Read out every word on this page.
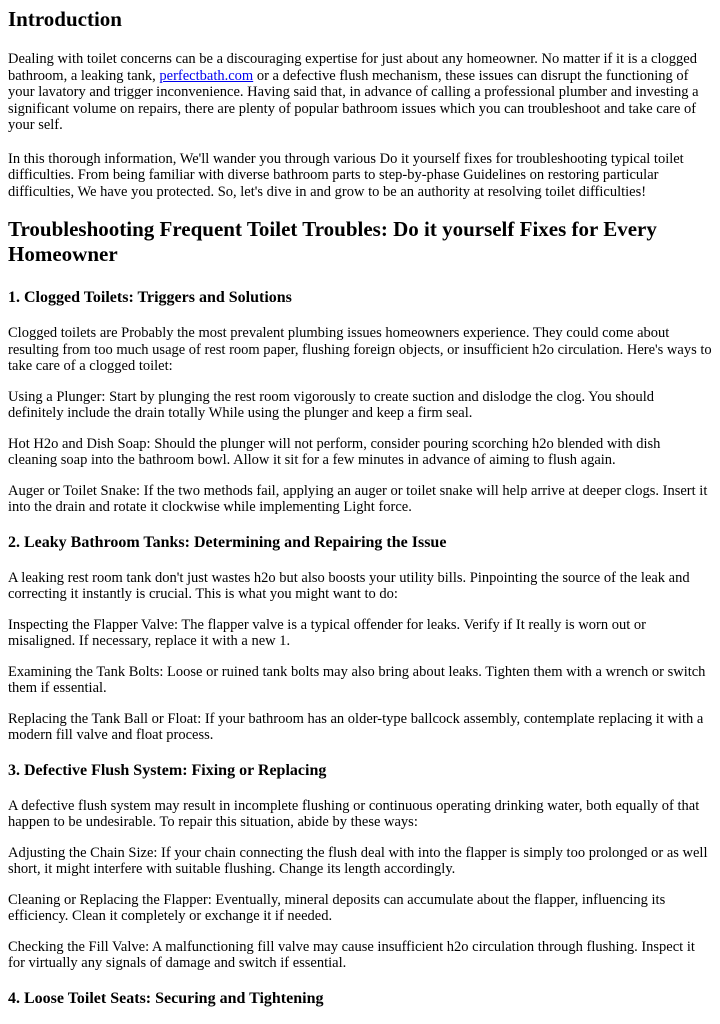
Introduction

Dealing with toilet concerns can be a discouraging expertise for just about any homeowner. No matter if it is a clogged bathroom, a leaking tank, perfectbath.com or a defective flush mechanism, these issues can disrupt the functioning of your lavatory and trigger inconvenience. Having said that, in advance of calling a professional plumber and investing a significant volume on repairs, there are plenty of popular bathroom issues which you can troubleshoot and take care of your self.

In this thorough information, We'll wander you through various Do it yourself fixes for troubleshooting typical toilet difficulties. From being familiar with diverse bathroom parts to step-by-phase Guidelines on restoring particular difficulties, We have you protected. So, let's dive in and grow to be an authority at resolving toilet difficulties!

Troubleshooting Frequent Toilet Troubles: Do it yourself Fixes for Every Homeowner
1. Clogged Toilets: Triggers and Solutions

Clogged toilets are Probably the most prevalent plumbing issues homeowners experience. They could come about resulting from too much usage of rest room paper, flushing foreign objects, or insufficient h2o circulation. Here's ways to take care of a clogged toilet:

Using a Plunger: Start by plunging the rest room vigorously to create suction and dislodge the clog. You should definitely include the drain totally While using the plunger and keep a firm seal.

Hot H2o and Dish Soap: Should the plunger will not perform, consider pouring scorching h2o blended with dish cleaning soap into the bathroom bowl. Allow it sit for a few minutes in advance of aiming to flush again.

Auger or Toilet Snake: If the two methods fail, applying an auger or toilet snake will help arrive at deeper clogs. Insert it into the drain and rotate it clockwise while implementing Light force.

2. Leaky Bathroom Tanks: Determining and Repairing the Issue

A leaking rest room tank don't just wastes h2o but also boosts your utility bills. Pinpointing the source of the leak and correcting it instantly is crucial. This is what you might want to do:

Inspecting the Flapper Valve: The flapper valve is a typical offender for leaks. Verify if It really is worn out or misaligned. If necessary, replace it with a new 1.

Examining the Tank Bolts: Loose or ruined tank bolts may also bring about leaks. Tighten them with a wrench or switch them if essential.

Replacing the Tank Ball or Float: If your bathroom has an older-type ballcock assembly, contemplate replacing it with a modern fill valve and float process.

3. Defective Flush System: Fixing or Replacing

A defective flush system may result in incomplete flushing or continuous operating drinking water, both equally of that happen to be undesirable. To repair this situation, abide by these ways:

Adjusting the Chain Size: If your chain connecting the flush deal with into the flapper is simply too prolonged or as well short, it might interfere with suitable flushing. Change its length accordingly.

Cleaning or Replacing the Flapper: Eventually, mineral deposits can accumulate about the flapper, influencing its efficiency. Clean it completely or exchange it if needed.

Checking the Fill Valve: A malfunctioning fill valve may cause insufficient h2o circulation through flushing. Inspect it for virtually any signals of damage and switch if essential.

4. Loose Toilet Seats: Securing and Tightening
